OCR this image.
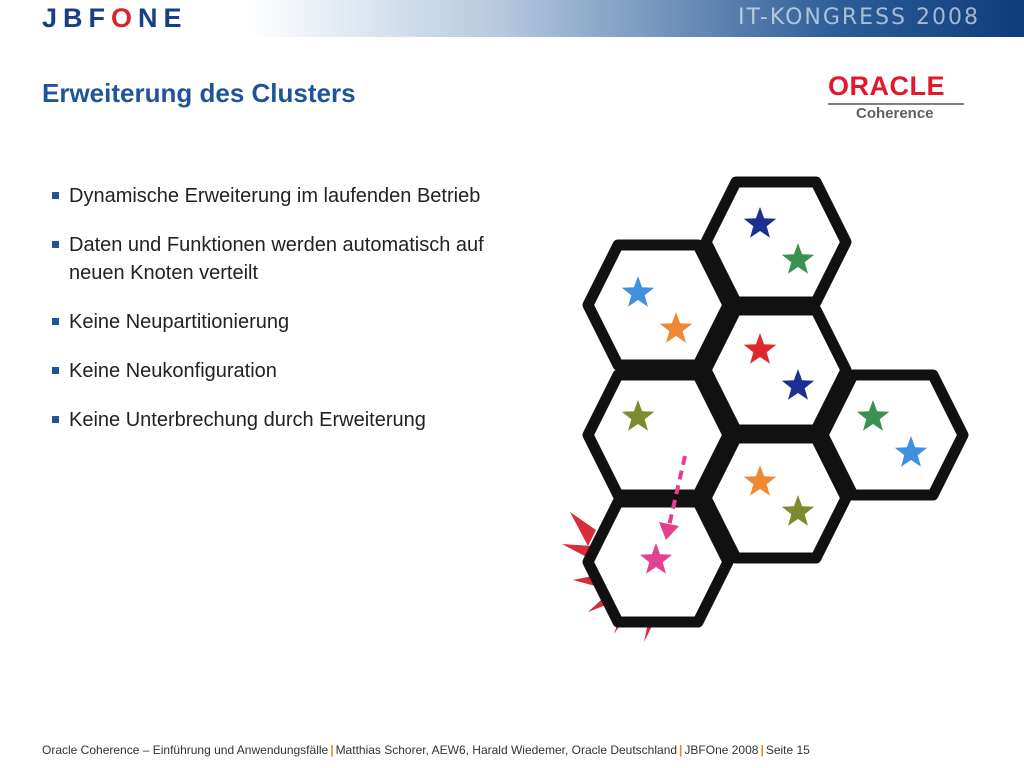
JBFONE	IT-KONGRESS 2008
Erweiterung des Clusters	ORACLE
Coherence
Dynamische Erweiterung im laufenden Betrieb
Daten und Funktionen werden automatisch auf neuen Knoten verteilt
Keine Neupartitionierung
Keine Neukonfiguration
Keine Unterbrechung durch Erweiterung
Oracle Coherence – Einführung und Anwendungsfälle | Matthias Schorer, AEW6, Harald Wiedemer, Oracle Deutschland | JBFOne 2008 | Seite 15
